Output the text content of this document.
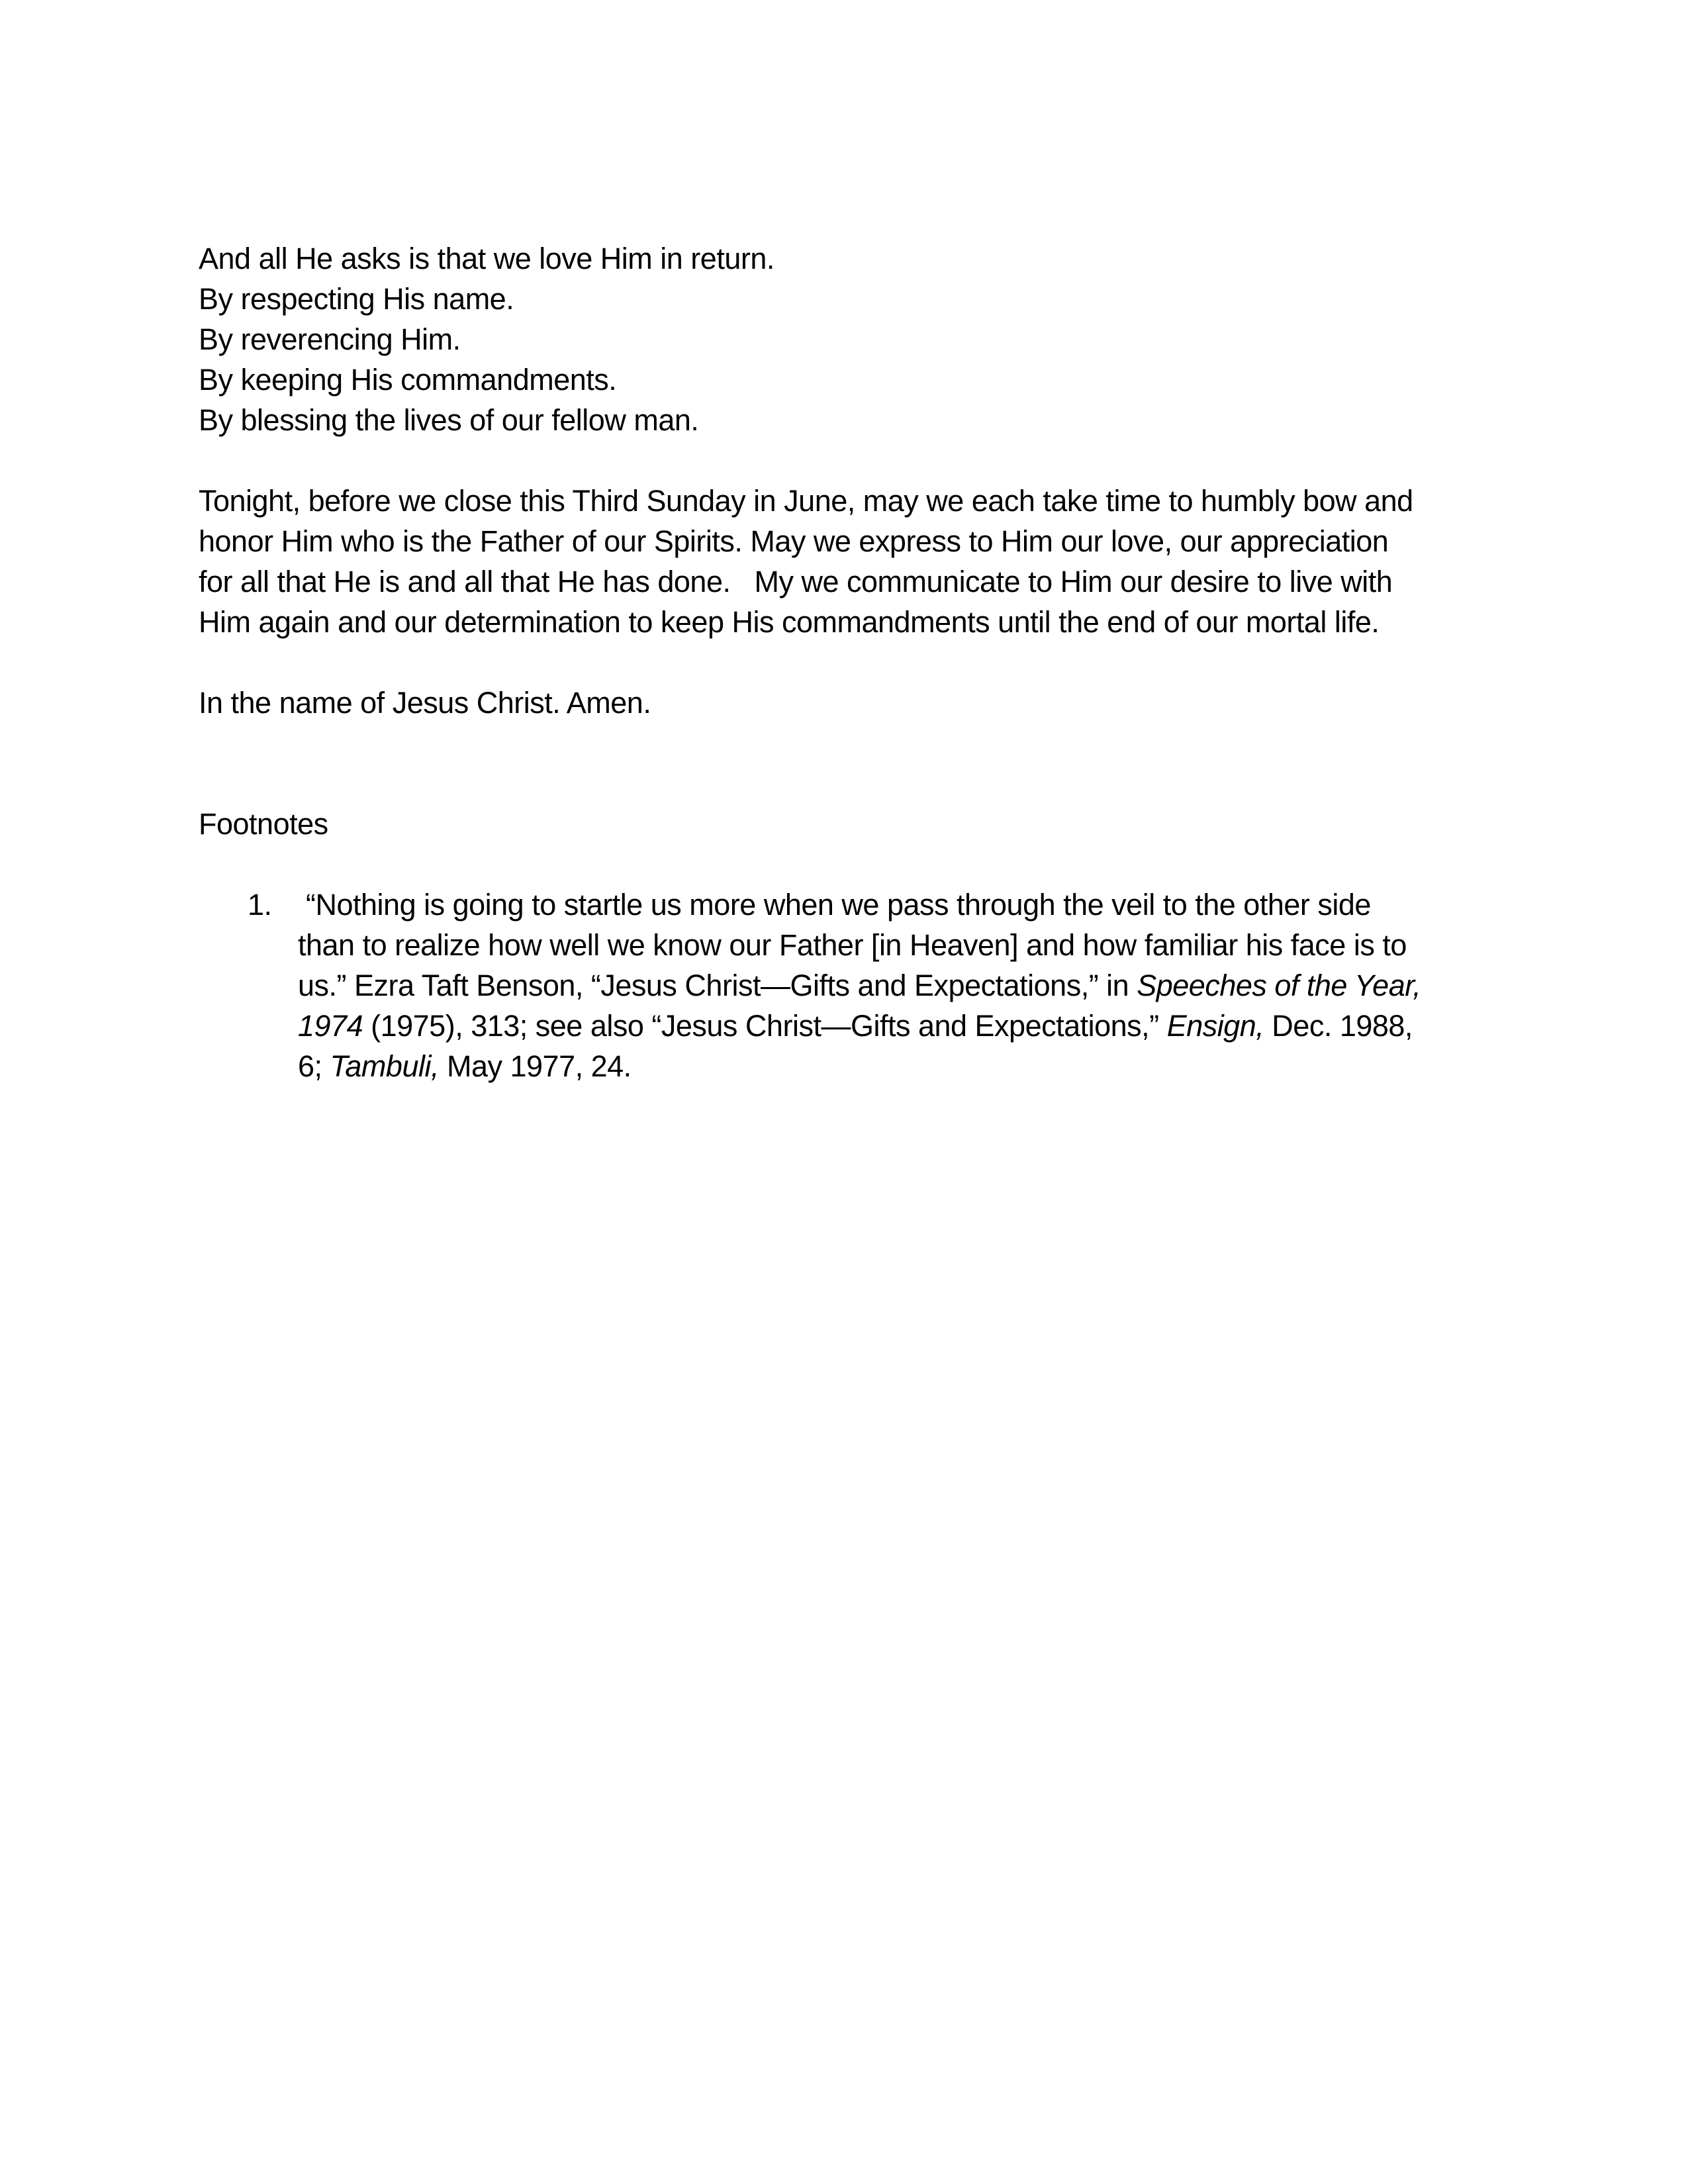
And all He asks is that we love Him in return.
By respecting His name.
By reverencing Him.
By keeping His commandments.
By blessing the lives of our fellow man.
Tonight, before we close this Third Sunday in June, may we each take time to humbly bow and
honor Him who is the Father of our Spirits. May we express to Him our love, our appreciation
for all that He is and all that He has done.   My we communicate to Him our desire to live with
Him again and our determination to keep His commandments until the end of our mortal life.
In the name of Jesus Christ. Amen.
Footnotes
1. “Nothing is going to startle us more when we pass through the veil to the other side
than to realize how well we know our Father [in Heaven] and how familiar his face is to
us.” Ezra Taft Benson, “Jesus Christ—Gifts and Expectations,” in Speeches of the Year,
1974 (1975), 313; see also “Jesus Christ—Gifts and Expectations,” Ensign, Dec. 1988,
6; Tambuli, May 1977, 24.
